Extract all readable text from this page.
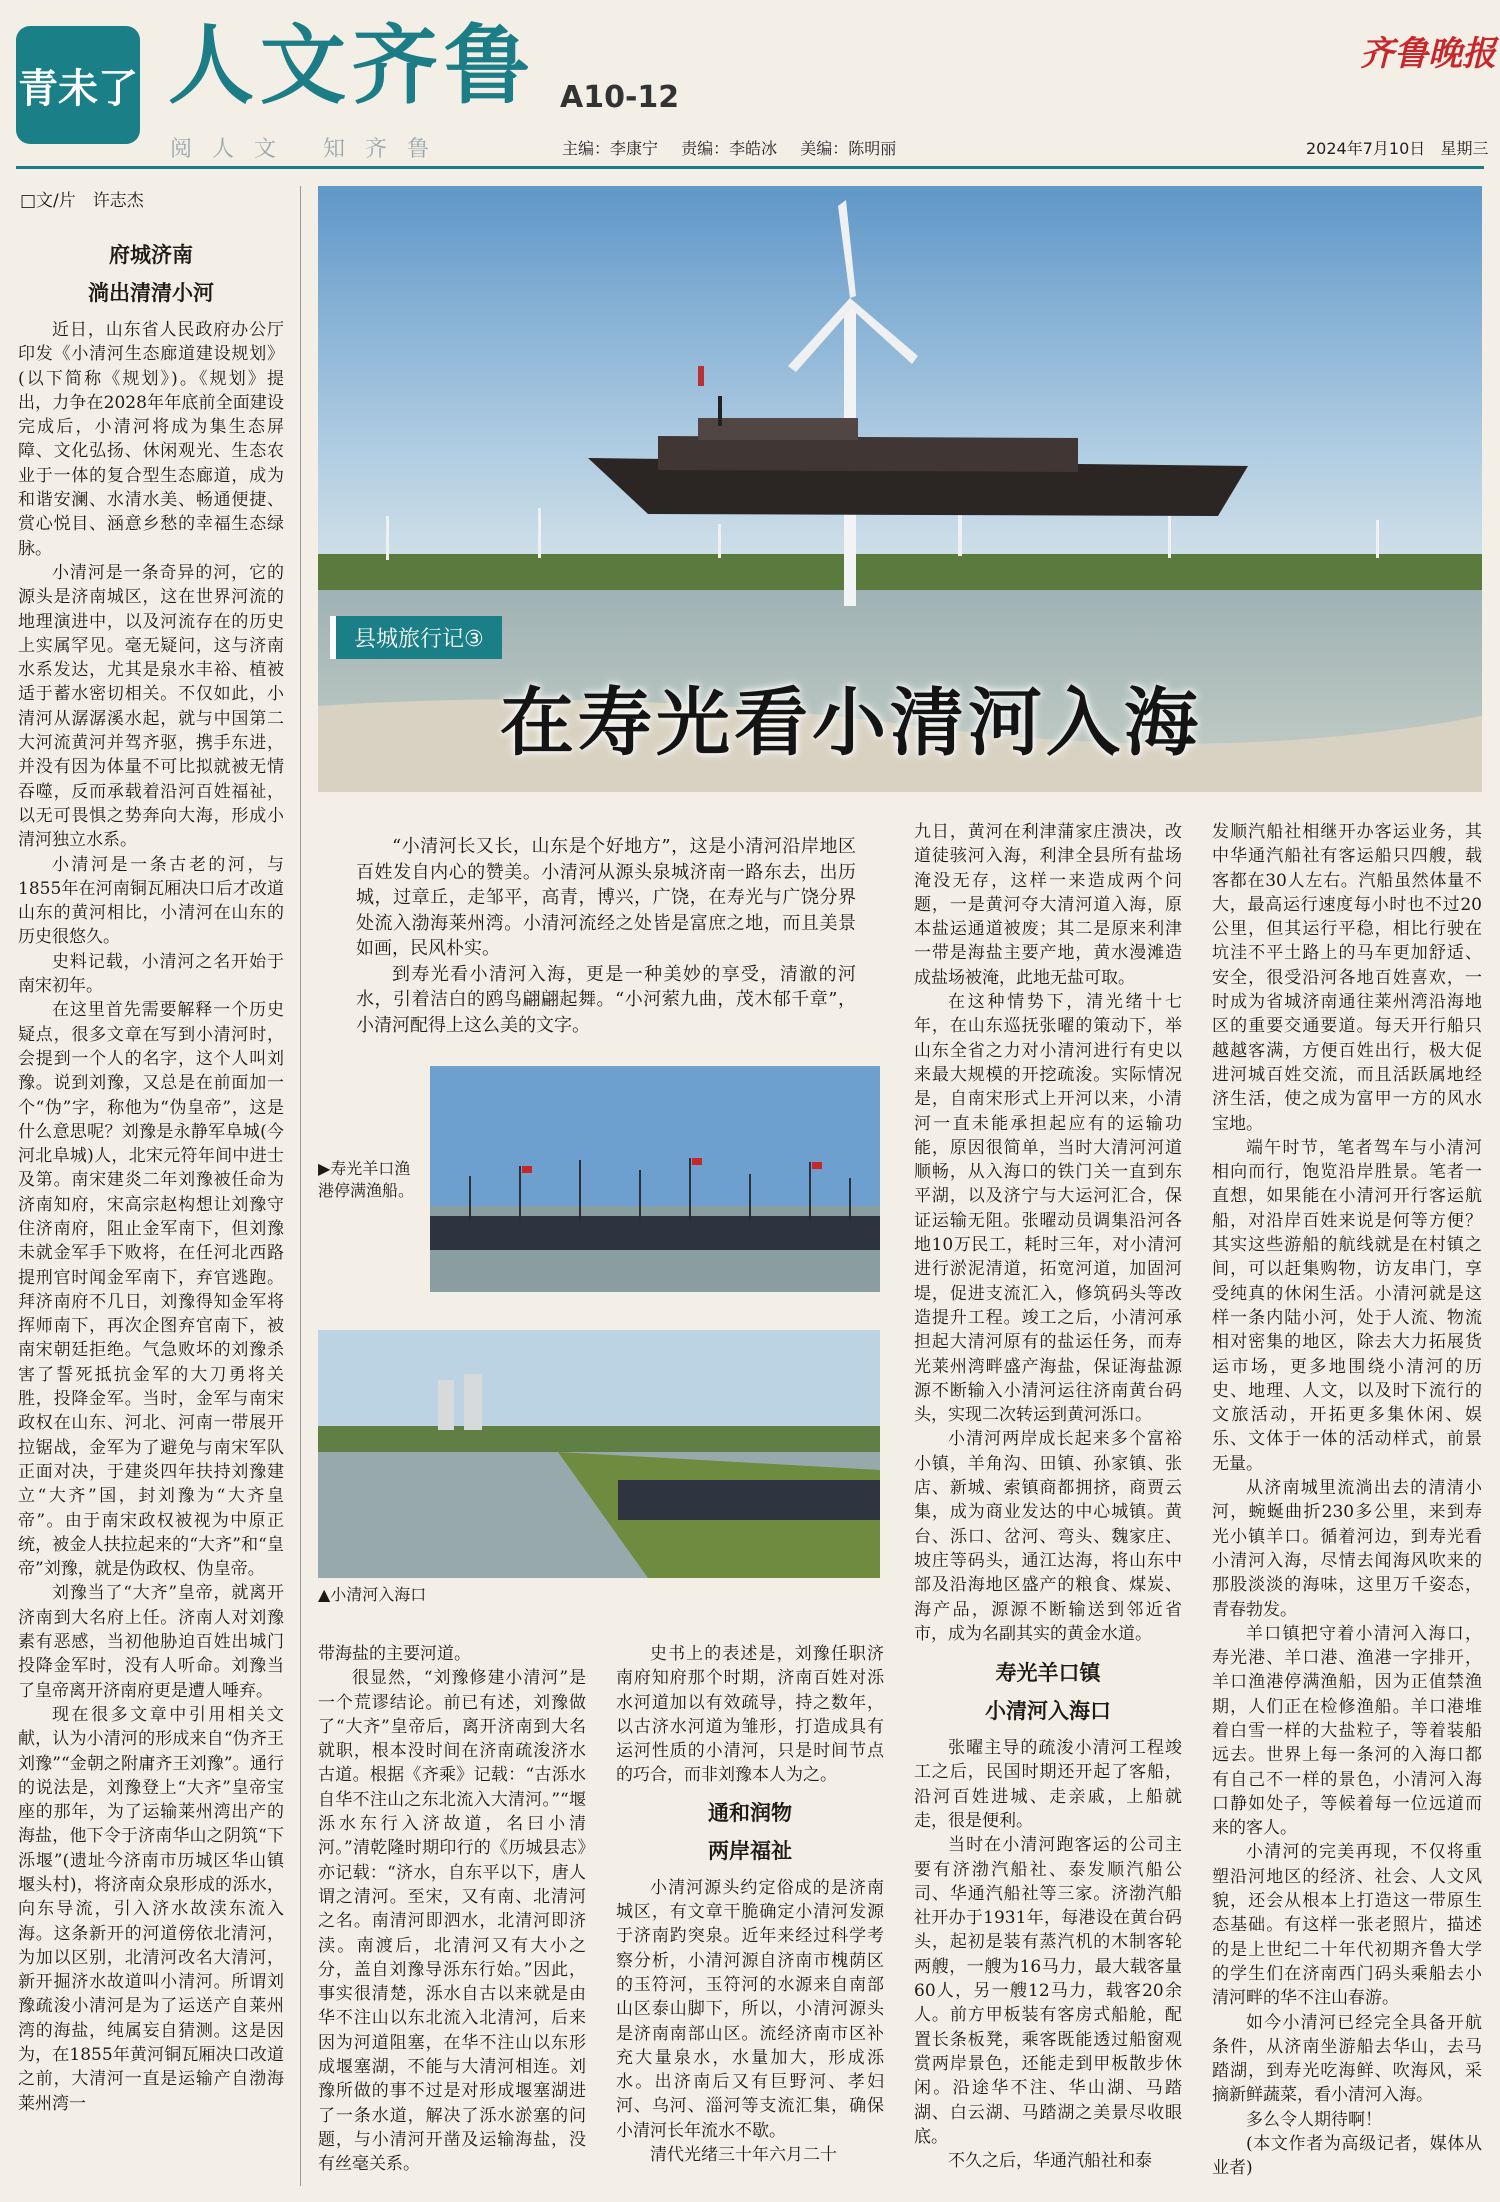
青未了 人文齐鲁 A10-12
阅人文 知齐鲁	主编：李康宁 责编：李皓冰 美编：陈明丽
齐鲁晚报
2024年7月10日 星期三
□文/片　许志杰
府城济南
淌出清清小河

近日，山东省人民政府办公厅印发《小清河生态廊道建设规划》(以下简称《规划》)。《规划》提出，力争在2028年年底前全面建设完成后，小清河将成为集生态屏障、文化弘扬、休闲观光、生态农业于一体的复合型生态廊道，成为和谐安澜、水清水美、畅通便捷、赏心悦目、涵意乡愁的幸福生态绿脉。

小清河是一条奇异的河，它的源头是济南城区，这在世界河流的地理演进中，以及河流存在的历史上实属罕见。毫无疑问，这与济南水系发达，尤其是泉水丰裕、植被适于蓄水密切相关。不仅如此，小清河从潺潺溪水起，就与中国第二大河流黄河并驾齐驱，携手东进，并没有因为体量不可比拟就被无情吞噬，反而承载着沿河百姓福祉，以无可畏惧之势奔向大海，形成小清河独立水系。

小清河是一条古老的河，与1855年在河南铜瓦厢决口后才改道山东的黄河相比，小清河在山东的历史很悠久。

史料记载，小清河之名开始于南宋初年。

在这里首先需要解释一个历史疑点，很多文章在写到小清河时，会提到一个人的名字，这个人叫刘豫。说到刘豫，又总是在前面加一个“伪”字，称他为“伪皇帝”，这是什么意思呢？刘豫是永静军阜城(今河北阜城)人，北宋元符年间中进士及第。南宋建炎二年刘豫被任命为济南知府，宋高宗赵构想让刘豫守住济南府，阻止金军南下，但刘豫未就金军手下败将，在任河北西路提刑官时闻金军南下，弃官逃跑。拜济南府不几日，刘豫得知金军将挥师南下，再次企图弃官南下，被南宋朝廷拒绝。气急败坏的刘豫杀害了誓死抵抗金军的大刀勇将关胜，投降金军。当时，金军与南宋政权在山东、河北、河南一带展开拉锯战，金军为了避免与南宋军队正面对决，于建炎四年扶持刘豫建立“大齐”国，封刘豫为“大齐皇帝”。由于南宋政权被视为中原正统，被金人扶拉起来的“大齐”和“皇帝”刘豫，就是伪政权、伪皇帝。

刘豫当了“大齐”皇帝，就离开济南到大名府上任。济南人对刘豫素有恶感，当初他胁迫百姓出城门投降金军时，没有人听命。刘豫当了皇帝离开济南府更是遭人唾弃。

现在很多文章中引用相关文献，认为小清河的形成来自“伪齐王刘豫”“金朝之附庸齐王刘豫”。通行的说法是，刘豫登上“大齐”皇帝宝座的那年，为了运输莱州湾出产的海盐，他下令于济南华山之阴筑“下泺堰”(遗址今济南市历城区华山镇堰头村)，将济南众泉形成的泺水，向东导流，引入济水故渎东流入海。这条新开的河道傍依北清河，为加以区别，北清河改名大清河，新开掘济水故道叫小清河。所谓刘豫疏浚小清河是为了运送产自莱州湾的海盐，纯属妄自猜测。这是因为，在1855年黄河铜瓦厢决口改道之前，大清河一直是运输产自渤海莱州湾一

县城旅行记③
在寿光看小清河入海

“小清河长又长，山东是个好地方”，这是小清河沿岸地区百姓发自内心的赞美。小清河从源头泉城济南一路东去，出历城，过章丘，走邹平，高青，博兴，广饶，在寿光与广饶分界处流入渤海莱州湾。小清河流经之处皆是富庶之地，而且美景如画，民风朴实。

到寿光看小清河入海，更是一种美妙的享受，清澈的河水，引着洁白的鸥鸟翩翩起舞。“小河萦九曲，茂木郁千章”，小清河配得上这么美的文字。

▶寿光羊口渔港停满渔船。
▲小清河入海口

带海盐的主要河道。

很显然，“刘豫修建小清河”是一个荒谬结论。前已有述，刘豫做了“大齐”皇帝后，离开济南到大名就职，根本没时间在济南疏浚济水古道。根据《齐乘》记载：“古泺水自华不注山之东北流入大清河。”“堰泺水东行入济故道，名曰小清河。”清乾隆时期印行的《历城县志》亦记载：“济水，自东平以下，唐人谓之清河。至宋，又有南、北清河之名。南清河即泗水，北清河即济渎。南渡后，北清河又有大小之分，盖自刘豫导泺东行始。”因此，事实很清楚，泺水自古以来就是由华不注山以东北流入北清河，后来因为河道阻塞，在华不注山以东形成堰塞湖，不能与大清河相连。刘豫所做的事不过是对形成堰塞湖进了一条水道，解决了泺水淤塞的问题，与小清河开凿及运输海盐，没有丝毫关系。

史书上的表述是，刘豫任职济南府知府那个时期，济南百姓对泺水河道加以有效疏导，持之数年，以古济水河道为雏形，打造成具有运河性质的小清河，只是时间节点的巧合，而非刘豫本人为之。

通和润物
两岸福祉

小清河源头约定俗成的是济南城区，有文章干脆确定小清河发源于济南趵突泉。近年来经过科学考察分析，小清河源自济南市槐荫区的玉符河，玉符河的水源来自南部山区泰山脚下，所以，小清河源头是济南南部山区。流经济南市区补充大量泉水，水量加大，形成泺水。出济南后又有巨野河、孝妇河、乌河、淄河等支流汇集，确保小清河长年流水不歇。

清代光绪三十年六月二十

九日，黄河在利津蒲家庄溃决，改道徒骇河入海，利津全县所有盐场淹没无存，这样一来造成两个问题，一是黄河夺大清河道入海，原本盐运通道被废；其二是原来利津一带是海盐主要产地，黄水漫滩造成盐场被淹，此地无盐可取。

在这种情势下，清光绪十七年，在山东巡抚张曜的策动下，举山东全省之力对小清河进行有史以来最大规模的开挖疏浚。实际情况是，自南宋形式上开河以来，小清河一直未能承担起应有的运输功能，原因很简单，当时大清河河道顺畅，从入海口的铁门关一直到东平湖，以及济宁与大运河汇合，保证运输无阻。张曜动员调集沿河各地10万民工，耗时三年，对小清河进行淤泥清道，拓宽河道，加固河堤，促进支流汇入，修筑码头等改造提升工程。竣工之后，小清河承担起大清河原有的盐运任务，而寿光莱州湾畔盛产海盐，保证海盐源源不断输入小清河运往济南黄台码头，实现二次转运到黄河泺口。

小清河两岸成长起来多个富裕小镇，羊角沟、田镇、孙家镇、张店、新城、索镇商都拥挤，商贾云集，成为商业发达的中心城镇。黄台、泺口、岔河、弯头、魏家庄、坡庄等码头，通江达海，将山东中部及沿海地区盛产的粮食、煤炭、海产品，源源不断输送到邻近省市，成为名副其实的黄金水道。

寿光羊口镇
小清河入海口

张曜主导的疏浚小清河工程竣工之后，民国时期还开起了客船，沿河百姓进城、走亲戚，上船就走，很是便利。

当时在小清河跑客运的公司主要有济渤汽船社、泰发顺汽船公司、华通汽船社等三家。济渤汽船社开办于1931年，每港设在黄台码头，起初是装有蒸汽机的木制客轮两艘，一艘为16马力，最大载客量60人，另一艘12马力，载客20余人。前方甲板装有客房式船舱，配置长条板凳，乘客既能透过船窗观赏两岸景色，还能走到甲板散步休闲。沿途华不注、华山湖、马踏湖、白云湖、马踏湖之美景尽收眼底。

不久之后，华通汽船社和泰

发顺汽船社相继开办客运业务，其中华通汽船社有客运船只四艘，载客都在30人左右。汽船虽然体量不大，最高运行速度每小时也不过20公里，但其运行平稳，相比行驶在坑洼不平土路上的马车更加舒适、安全，很受沿河各地百姓喜欢，一时成为省城济南通往莱州湾沿海地区的重要交通要道。每天开行船只越越客满，方便百姓出行，极大促进河城百姓交流，而且活跃属地经济生活，使之成为富甲一方的风水宝地。

端午时节，笔者驾车与小清河相向而行，饱览沿岸胜景。笔者一直想，如果能在小清河开行客运航船，对沿岸百姓来说是何等方便？其实这些游船的航线就是在村镇之间，可以赶集购物，访友串门，享受纯真的休闲生活。小清河就是这样一条内陆小河，处于人流、物流相对密集的地区，除去大力拓展货运市场，更多地围绕小清河的历史、地理、人文，以及时下流行的文旅活动，开拓更多集休闲、娱乐、文体于一体的活动样式，前景无量。

从济南城里流淌出去的清清小河，蜿蜒曲折230多公里，来到寿光小镇羊口。循着河边，到寿光看小清河入海，尽情去闻海风吹来的那股淡淡的海味，这里万千姿态，青春勃发。

羊口镇把守着小清河入海口，寿光港、羊口港、渔港一字排开，羊口渔港停满渔船，因为正值禁渔期，人们正在检修渔船。羊口港堆着白雪一样的大盐粒子，等着装船远去。世界上每一条河的入海口都有自己不一样的景色，小清河入海口静如处子，等候着每一位远道而来的客人。

小清河的完美再现，不仅将重塑沿河地区的经济、社会、人文风貌，还会从根本上打造这一带原生态基础。有这样一张老照片，描述的是上世纪二十年代初期齐鲁大学的学生们在济南西门码头乘船去小清河畔的华不注山春游。

如今小清河已经完全具备开航条件，从济南坐游船去华山，去马踏湖，到寿光吃海鲜、吹海风，采摘新鲜蔬菜，看小清河入海。

多么令人期待啊！

(本文作者为高级记者，媒体从业者)
